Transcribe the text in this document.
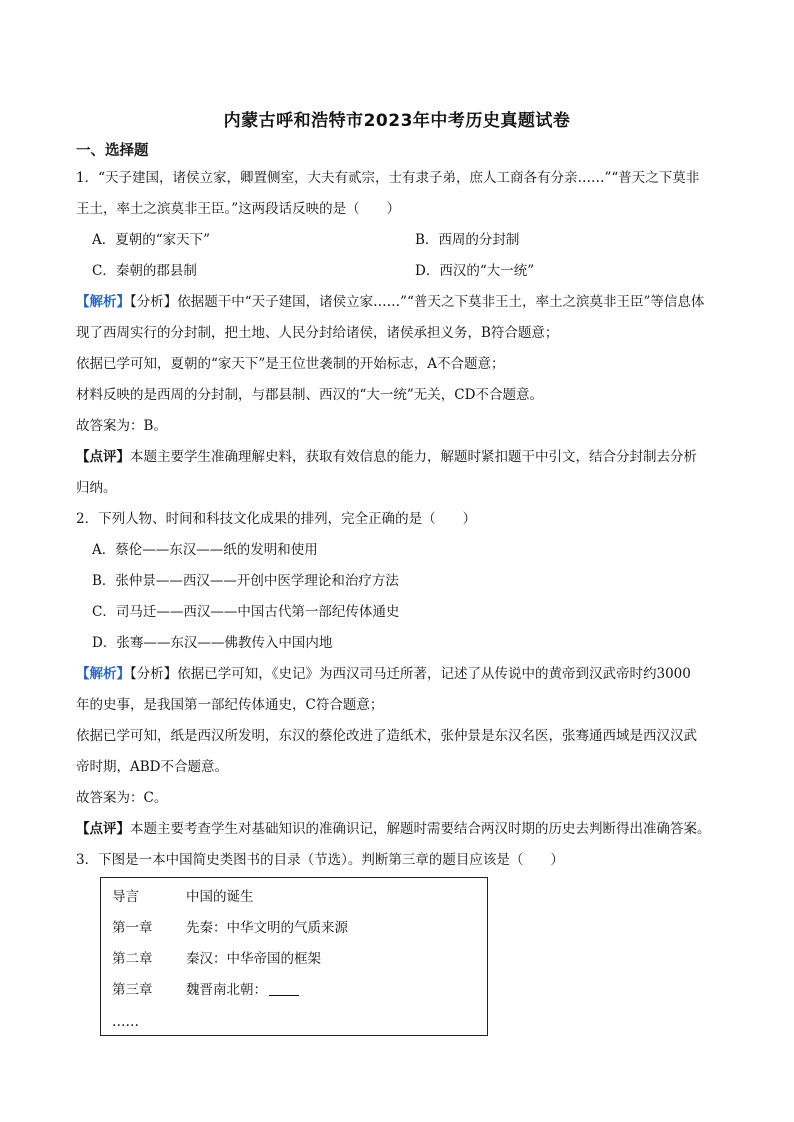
内蒙古呼和浩特市2023年中考历史真题试卷
一、选择题
1．“天子建国，诸侯立家，卿置侧室，大夫有贰宗，士有隶子弟，庶人工商各有分亲……”“普天之下莫非
王土，率土之滨莫非王臣。”这两段话反映的是（　　）
A．夏朝的“家天下”	B．西周的分封制
C．秦朝的郡县制	D．西汉的“大一统”
【解析】【分析】依据题干中“天子建国，诸侯立家……”“普天之下莫非王土，率土之滨莫非王臣”等信息体
现了西周实行的分封制，把土地、人民分封给诸侯，诸侯承担义务，B符合题意；
依据已学可知，夏朝的“家天下”是王位世袭制的开始标志，A不合题意；
材料反映的是西周的分封制，与郡县制、西汉的“大一统”无关，CD不合题意。
故答案为：B。
【点评】本题主要学生准确理解史料，获取有效信息的能力，解题时紧扣题干中引文，结合分封制去分析
归纳。
2．下列人物、时间和科技文化成果的排列，完全正确的是（　　）
A．蔡伦——东汉——纸的发明和使用
B．张仲景——西汉——开创中医学理论和治疗方法
C．司马迁——西汉——中国古代第一部纪传体通史
D．张骞——东汉——佛教传入中国内地
【解析】【分析】依据已学可知，《史记》为西汉司马迁所著，记述了从传说中的黄帝到汉武帝时约3000
年的史事，是我国第一部纪传体通史，C符合题意；
依据已学可知，纸是西汉所发明，东汉的蔡伦改进了造纸术，张仲景是东汉名医，张骞通西域是西汉汉武
帝时期，ABD不合题意。
故答案为：C。
【点评】本题主要考查学生对基础知识的准确识记，解题时需要结合两汉时期的历史去判断得出准确答案。
3．下图是一本中国简史类图书的目录（节选）。判断第三章的题目应该是（　　）
导言	中国的诞生
第一章 先秦：中华文明的气质来源
第二章 秦汉：中华帝国的框架
第三章 魏晋南北朝：
……
